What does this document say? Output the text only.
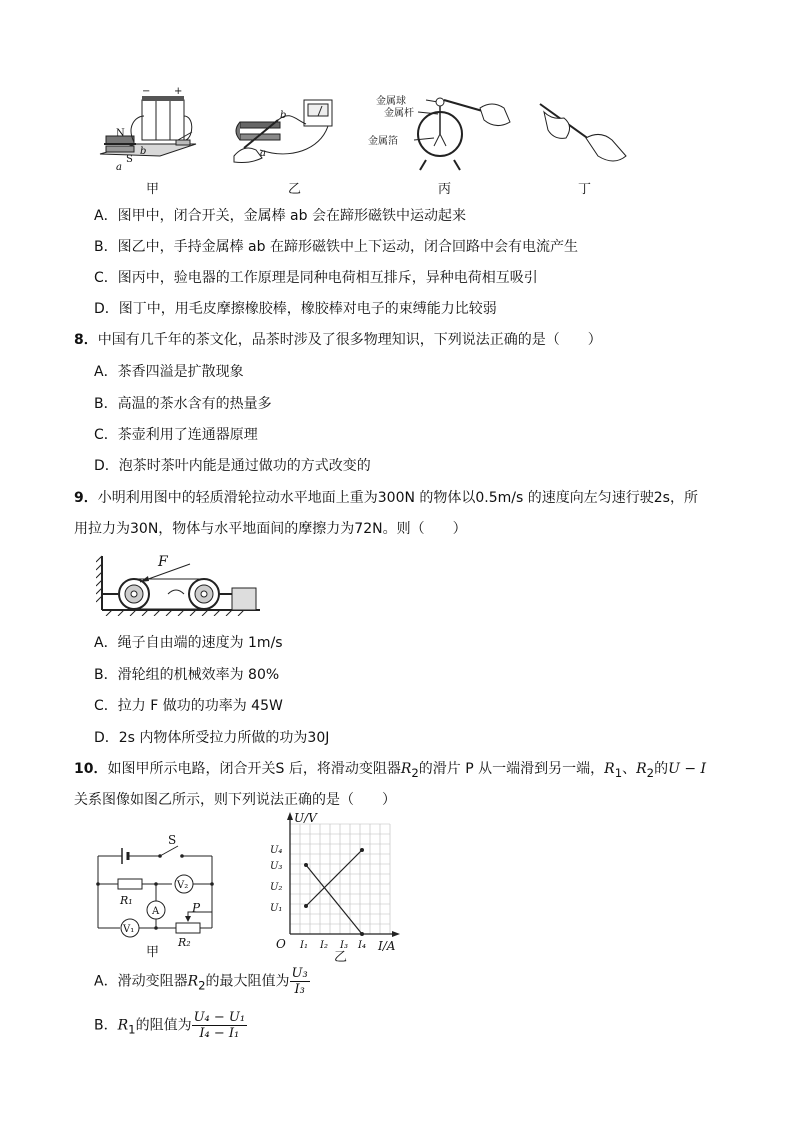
N
S
a
b
+
−
甲
b
a
乙
金属球
金属杆
金属箔
丙	丁
A．图甲中，闭合开关，金属棒 ab 会在蹄形磁铁中运动起来
B．图乙中，手持金属棒 ab 在蹄形磁铁中上下运动，闭合回路中会有电流产生
C．图丙中，验电器的工作原理是同种电荷相互排斥，异种电荷相互吸引
D．图丁中，用毛皮摩擦橡胶棒，橡胶棒对电子的束缚能力比较弱
8．中国有几千年的茶文化，品茶时涉及了很多物理知识，下列说法正确的是（　　）
A．茶香四溢是扩散现象
B．高温的茶水含有的热量多
C．茶壶利用了连通器原理
D．泡茶时茶叶内能是通过做功的方式改变的
9．小明利用图中的轻质滑轮拉动水平地面上重为300N 的物体以0.5m/s 的速度向左匀速行驶2s，所
用拉力为30N，物体与水平地面间的摩擦力为72N。则（　　）
F
A．绳子自由端的速度为 1m/s
B．滑轮组的机械效率为 80%
C．拉力 F 做功的功率为 45W
D．2s 内物体所受拉力所做的功为30J
10．如图甲所示电路，闭合开关S 后，将滑动变阻器$R_2$的滑片 P 从一端滑到另一端，$R_1$、$R_2$的U − I
关系图像如图乙所示，则下列说法正确的是（　　）
S
R₁
V₂
A
V₁
P
R₂
甲
U/V
I/A
O
U₁
U₂
U₃
U₄
I₁ I₂ I₃ I₄
乙
A．滑动变阻器$R_2$的最大阻值为 $\frac{\text{U₃}}{\text{I₃}}$
B．$R_1$的阻值为 $\frac{\text{U₄ − U₁}}{\text{I₄ − I₁}}$
